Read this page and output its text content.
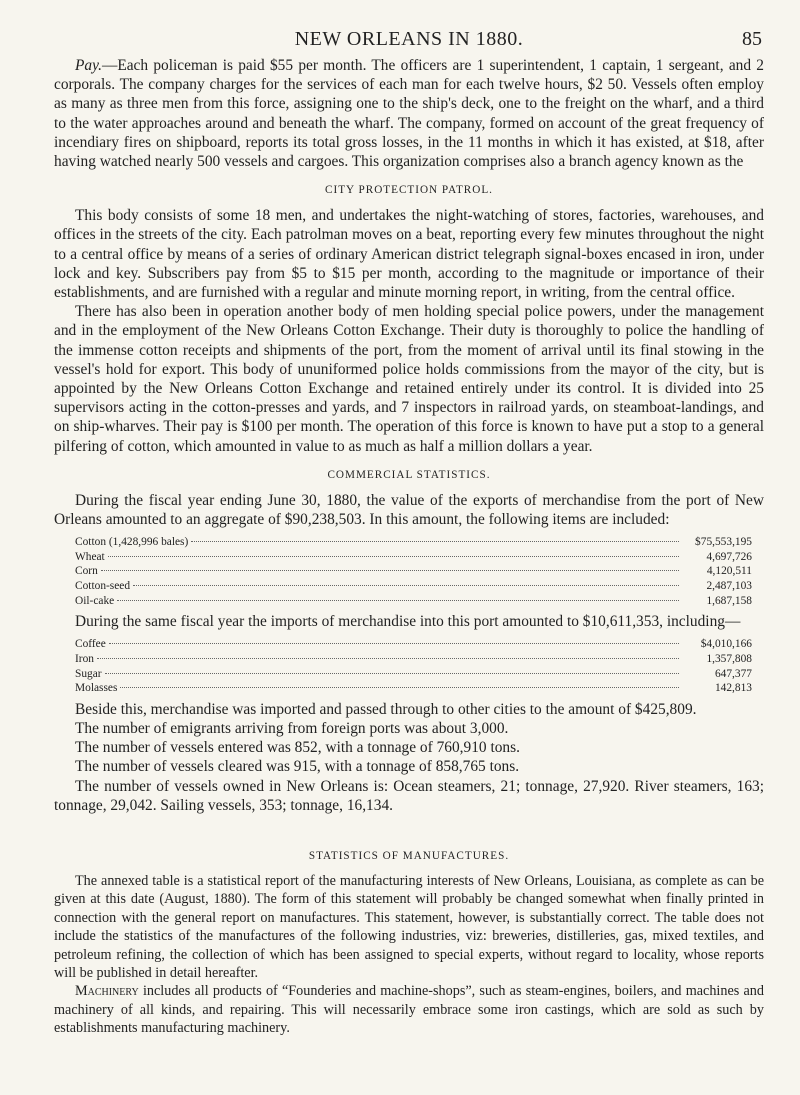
NEW ORLEANS IN 1880.	85

Pay.—Each policeman is paid $55 per month. The officers are 1 superintendent, 1 captain, 1 sergeant, and 2 corporals. The company charges for the services of each man for each twelve hours, $2 50. Vessels often employ as many as three men from this force, assigning one to the ship's deck, one to the freight on the wharf, and a third to the water approaches around and beneath the wharf. The company, formed on account of the great frequency of incendiary fires on shipboard, reports its total gross losses, in the 11 months in which it has existed, at $18, after having watched nearly 500 vessels and cargoes. This organization comprises also a branch agency known as the

CITY PROTECTION PATROL.

This body consists of some 18 men, and undertakes the night-watching of stores, factories, warehouses, and offices in the streets of the city. Each patrolman moves on a beat, reporting every few minutes throughout the night to a central office by means of a series of ordinary American district telegraph signal-boxes encased in iron, under lock and key. Subscribers pay from $5 to $15 per month, according to the magnitude or importance of their establishments, and are furnished with a regular and minute morning report, in writing, from the central office.

There has also been in operation another body of men holding special police powers, under the management and in the employment of the New Orleans Cotton Exchange. Their duty is thoroughly to police the handling of the immense cotton receipts and shipments of the port, from the moment of arrival until its final stowing in the vessel's hold for export. This body of ununiformed police holds commissions from the mayor of the city, but is appointed by the New Orleans Cotton Exchange and retained entirely under its control. It is divided into 25 supervisors acting in the cotton-presses and yards, and 7 inspectors in railroad yards, on steamboat-landings, and on ship-wharves. Their pay is $100 per month. The operation of this force is known to have put a stop to a general pilfering of cotton, which amounted in value to as much as half a million dollars a year.

COMMERCIAL STATISTICS.

During the fiscal year ending June 30, 1880, the value of the exports of merchandise from the port of New Orleans amounted to an aggregate of $90,238,503. In this amount, the following items are included:

Cotton (1,428,996 bales)	$75,553,195
Wheat	4,697,726
Corn	4,120,511
Cotton-seed	2,487,103
Oil-cake	1,687,158

During the same fiscal year the imports of merchandise into this port amounted to $10,611,353, including—

Coffee	$4,010,166
Iron	1,357,808
Sugar	647,377
Molasses	142,813

Beside this, merchandise was imported and passed through to other cities to the amount of $425,809.

The number of emigrants arriving from foreign ports was about 3,000.

The number of vessels entered was 852, with a tonnage of 760,910 tons.

The number of vessels cleared was 915, with a tonnage of 858,765 tons.

The number of vessels owned in New Orleans is: Ocean steamers, 21; tonnage, 27,920. River steamers, 163; tonnage, 29,042. Sailing vessels, 353; tonnage, 16,134.

STATISTICS OF MANUFACTURES.

The annexed table is a statistical report of the manufacturing interests of New Orleans, Louisiana, as complete as can be given at this date (August, 1880). The form of this statement will probably be changed somewhat when finally printed in connection with the general report on manufactures. This statement, however, is substantially correct. The table does not include the statistics of the manufactures of the following industries, viz: breweries, distilleries, gas, mixed textiles, and petroleum refining, the collection of which has been assigned to special experts, without regard to locality, whose reports will be published in detail hereafter.

Machinery includes all products of “Founderies and machine-shops”, such as steam-engines, boilers, and machines and machinery of all kinds, and repairing. This will necessarily embrace some iron castings, which are sold as such by establishments manufacturing machinery.
